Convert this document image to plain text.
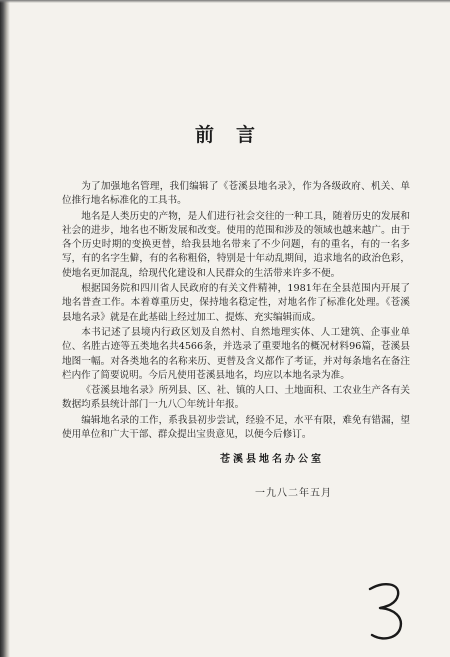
前言

为了加强地名管理，我们编辑了《苍溪县地名录》，作为各级政府、机关、单位推行地名标准化的工具书。

地名是人类历史的产物，是人们进行社会交往的一种工具，随着历史的发展和社会的进步，地名也不断发展和改变。使用的范围和涉及的领域也越来越广。由于各个历史时期的变换更替，给我县地名带来了不少问题，有的重名，有的一名多写，有的名字生僻，有的名称粗俗，特别是十年动乱期间，追求地名的政治色彩，使地名更加混乱，给现代化建设和人民群众的生活带来许多不便。

根据国务院和四川省人民政府的有关文件精神，1981年在全县范围内开展了地名普查工作。本着尊重历史，保持地名稳定性，对地名作了标准化处理。《苍溪县地名录》就是在此基础上经过加工、提炼、充实编辑而成。

本书记述了县境内行政区划及自然村、自然地理实体、人工建筑、企事业单位、名胜古迹等五类地名共4566条，并选录了重要地名的概况材料96篇，苍溪县地图一幅。对各类地名的名称来历、更替及含义都作了考证，并对每条地名在备注栏内作了简要说明。今后凡使用苍溪县地名，均应以本地名录为准。

《苍溪县地名录》所列县、区、社、镇的人口、土地面积、工农业生产各有关数据均系县统计部门一九八〇年统计年报。

编辑地名录的工作，系我县初步尝试，经验不足，水平有限，难免有错漏，望使用单位和广大干部、群众提出宝贵意见，以便今后修订。

苍溪县地名办公室
一九八二年五月
